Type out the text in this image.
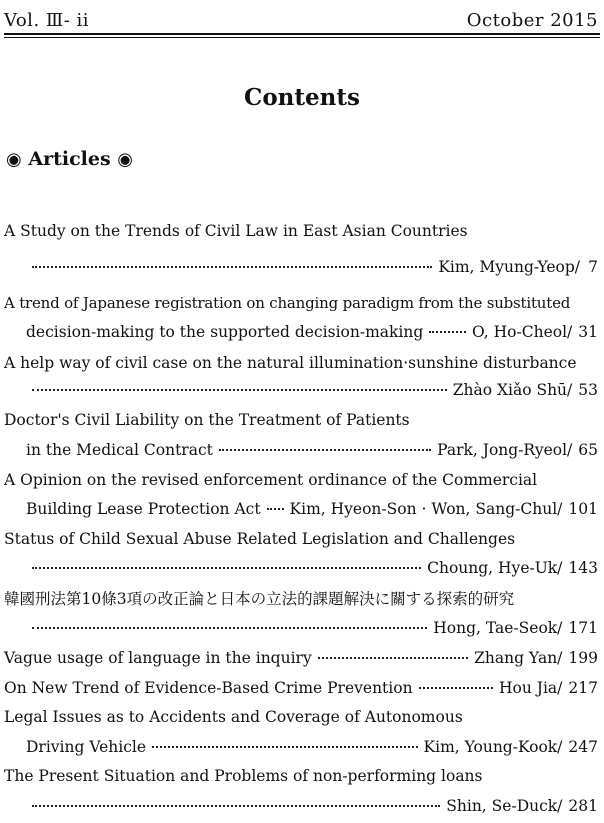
Vol. Ⅲ- ii	October 2015
Contents
◉ Articles ◉
A Study on the Trends of Civil Law in East Asian Countries
Kim, Myung-Yeop/ 7
A trend of Japanese registration on changing paradigm from the substituted
decision-making to the supported decision-making	O, Ho-Cheol/ 31
A help way of civil case on the natural illumination·sunshine disturbance
Zhào Xiǎo Shū/ 53
Doctor's Civil Liability on the Treatment of Patients
in the Medical Contract	Park, Jong-Ryeol/ 65
A Opinion on the revised enforcement ordinance of the Commercial
Building Lease Protection Act Kim, Hyeon-Son · Won, Sang-Chul/ 101
Status of Child Sexual Abuse Related Legislation and Challenges
Choung, Hye-Uk/ 143
韓國刑法第10條3項の改正論と日本の立法的課題解決に關する探索的研究
Hong, Tae-Seok/ 171
Vague usage of language in the inquiry	Zhang Yan/ 199
On New Trend of Evidence-Based Crime Prevention	Hou Jia/ 217
Legal Issues as to Accidents and Coverage of Autonomous
Driving Vehicle	Kim, Young-Kook/ 247
The Present Situation and Problems of non-performing loans
Shin, Se-Duck/ 281
